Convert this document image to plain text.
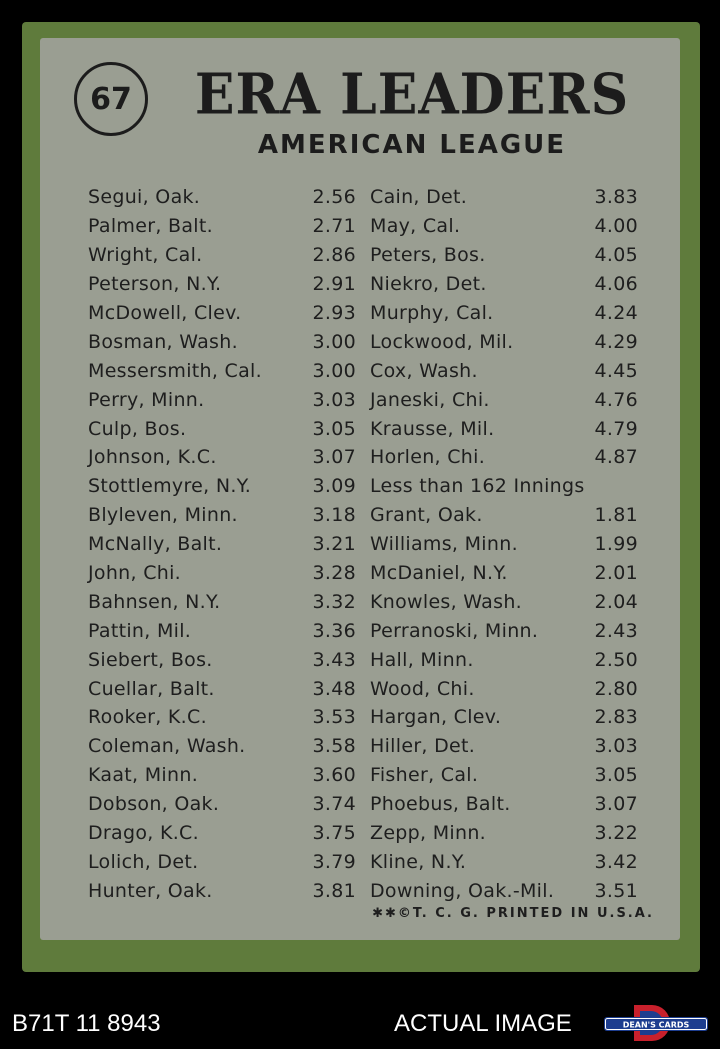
67	ERA LEADERS
AMERICAN LEAGUE
Segui, Oak.	2.56
Palmer, Balt.	2.71
Wright, Cal.	2.86
Peterson, N.Y.	2.91
McDowell, Clev.	2.93
Bosman, Wash.	3.00
Messersmith, Cal.	3.00
Perry, Minn.	3.03
Culp, Bos.	3.05
Johnson, K.C.	3.07
Stottlemyre, N.Y.	3.09
Blyleven, Minn.	3.18
McNally, Balt.	3.21
John, Chi.	3.28
Bahnsen, N.Y.	3.32
Pattin, Mil.	3.36
Siebert, Bos.	3.43
Cuellar, Balt.	3.48
Rooker, K.C.	3.53
Coleman, Wash.	3.58
Kaat, Minn.	3.60
Dobson, Oak.	3.74
Drago, K.C.	3.75
Lolich, Det.	3.79
Hunter, Oak.	3.81
Cain, Det.	3.83
May, Cal.	4.00
Peters, Bos.	4.05
Niekro, Det.	4.06
Murphy, Cal.	4.24
Lockwood, Mil.	4.29
Cox, Wash.	4.45
Janeski, Chi.	4.76
Krausse, Mil.	4.79
Horlen, Chi.	4.87
Less than 162 Innings
Grant, Oak.	1.81
Williams, Minn.	1.99
McDaniel, N.Y.	2.01
Knowles, Wash.	2.04
Perranoski, Minn.	2.43
Hall, Minn.	2.50
Wood, Chi.	2.80
Hargan, Clev.	2.83
Hiller, Det.	3.03
Fisher, Cal.	3.05
Phoebus, Balt.	3.07
Zepp, Minn.	3.22
Kline, N.Y.	3.42
Downing, Oak.-Mil. 3.51
✱✱©T. C. G. PRINTED IN U.S.A.
B71T 11 8943	ACTUAL IMAGE	DEAN'S CARDS
